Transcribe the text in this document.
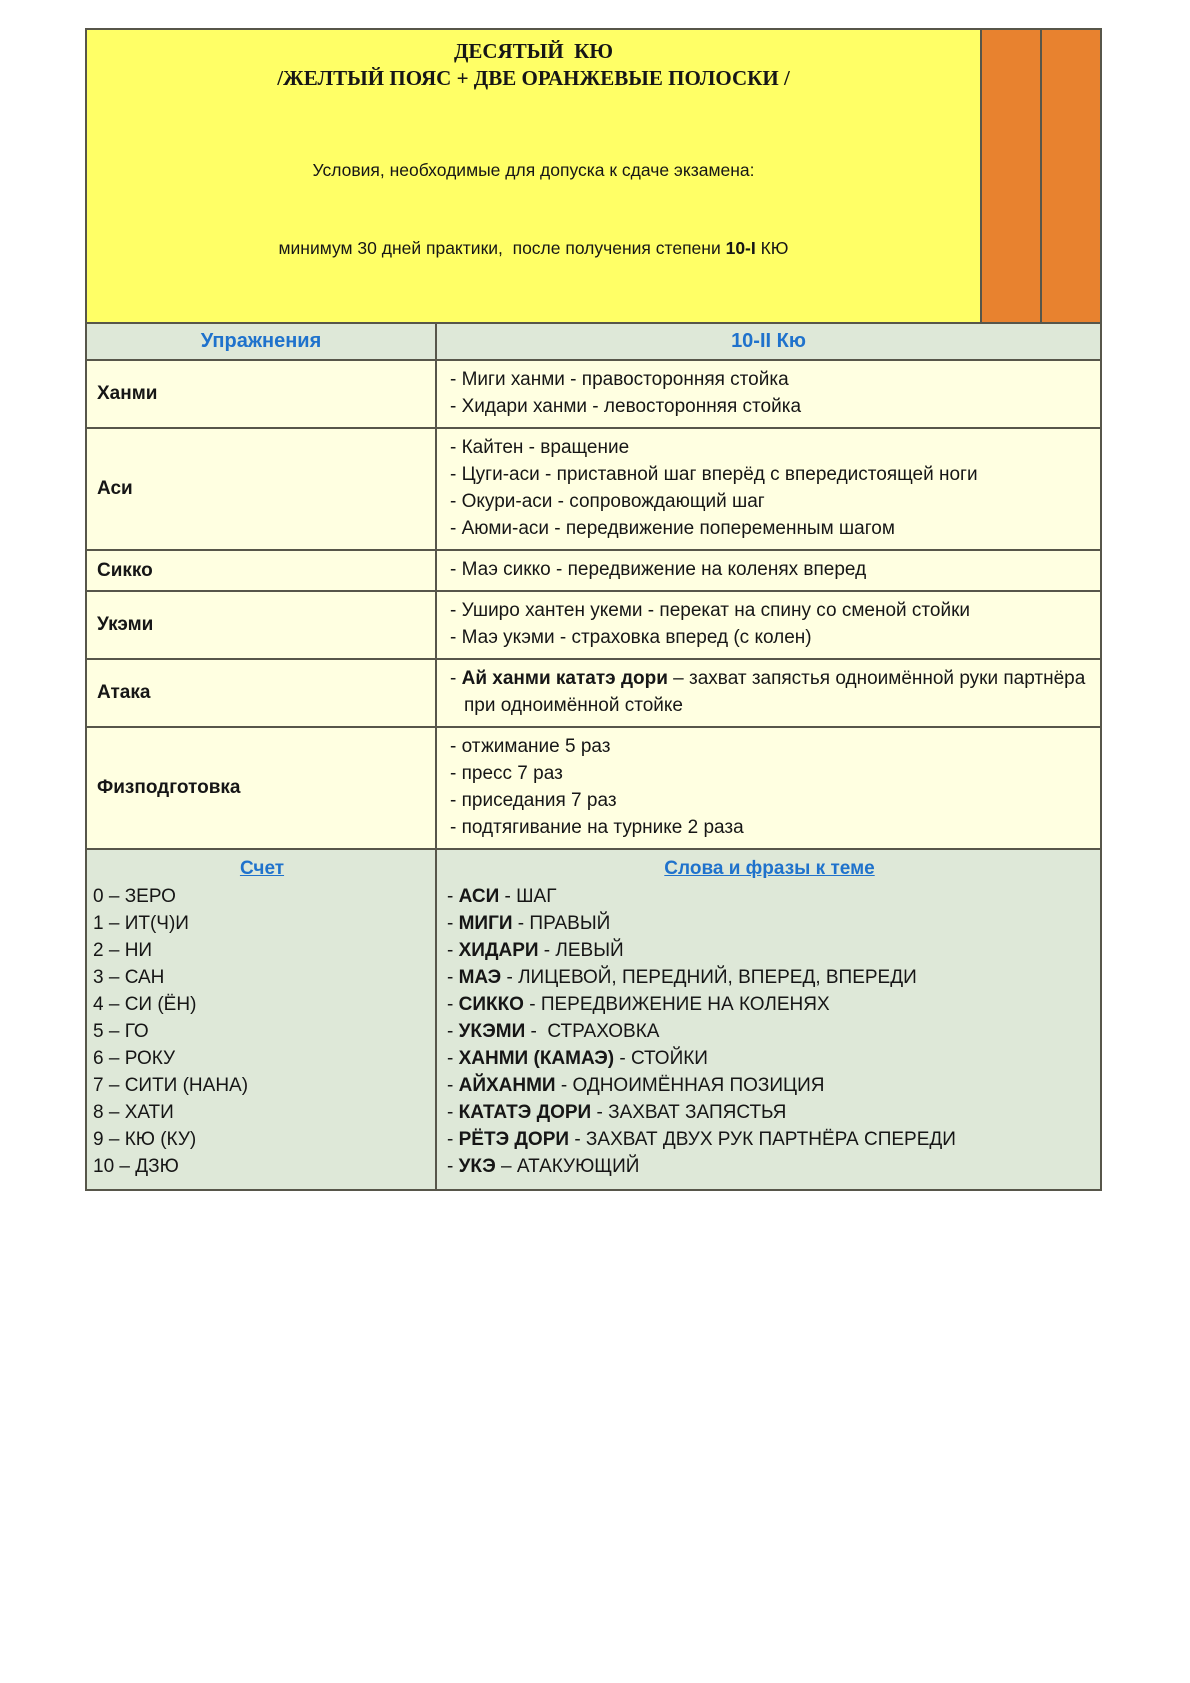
ДЕСЯТЫЙ  КЮ
/ЖЕЛТЫЙ ПОЯС + ДВЕ ОРАНЖЕВЫЕ ПОЛОСКИ /

Условия, необходимые для допуска к сдаче экзамена:

минимум 30 дней практики,  после получения степени 10-I КЮ

Упражнения	10-II Кю
Ханми
- Миги ханми - правосторонняя стойка
- Хидари ханми - левосторонняя стойка
Аси
- Кайтен - вращение
- Цуги-аси - приставной шаг вперёд с впередистоящей ноги
- Окури-аси - сопровождающий шаг
- Аюми-аси - передвижение попеременным шагом
Сикко	- Маэ сикко - передвижение на коленях вперед
Укэми
- Уширо хантен укеми - перекат на спину со сменой стойки
- Маэ укэми - страховка вперед (с колен)
Атака
- Ай ханми кататэ дори – захват запястья одноимённой руки партнёра при одноимённой стойке
Физподготовка
- отжимание 5 раз
- пресс 7 раз
- приседания 7 раз
- подтягивание на турнике 2 раза
Счет
0 – ЗЕРО
1 – ИТ(Ч)И
2 – НИ
3 – САН
4 – СИ (ЁН)
5 – ГО
6 – РОКУ
7 – СИТИ (НАНА)
8 – ХАТИ
9 – КЮ (КУ)
10 – ДЗЮ
Слова и фразы к теме
- АСИ - ШАГ
- МИГИ - ПРАВЫЙ
- ХИДАРИ - ЛЕВЫЙ
- МАЭ - ЛИЦЕВОЙ, ПЕРЕДНИЙ, ВПЕРЕД, ВПЕРЕДИ
- СИККО - ПЕРЕДВИЖЕНИЕ НА КОЛЕНЯХ
- УКЭМИ -  СТРАХОВКА
- ХАНМИ (КАМАЭ) - СТОЙКИ
- АЙХАНМИ - ОДНОИМЁННАЯ ПОЗИЦИЯ
- КАТАТЭ ДОРИ - ЗАХВАТ ЗАПЯСТЬЯ
- РЁТЭ ДОРИ - ЗАХВАТ ДВУХ РУК ПАРТНЁРА СПЕРЕДИ
- УКЭ – АТАКУЮЩИЙ
